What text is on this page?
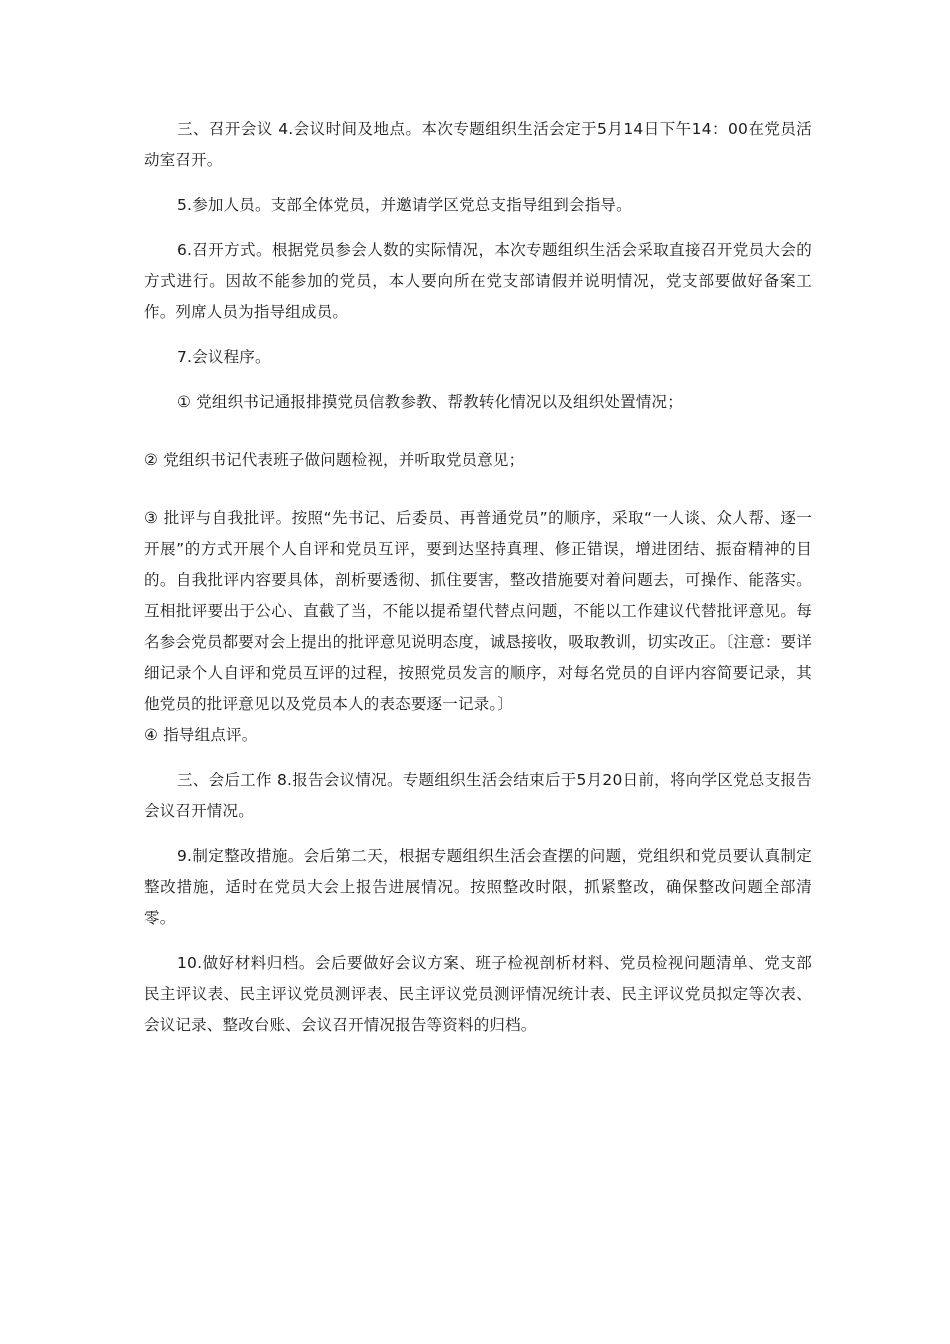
三、召开会议 4.会议时间及地点。本次专题组织生活会定于5月14日下午14：00在党员活动室召开。

5.参加人员。支部全体党员，并邀请学区党总支指导组到会指导。

6.召开方式。根据党员参会人数的实际情况，本次专题组织生活会采取直接召开党员大会的方式进行。因故不能参加的党员，本人要向所在党支部请假并说明情况，党支部要做好备案工作。列席人员为指导组成员。

7.会议程序。

① 党组织书记通报排摸党员信教参教、帮教转化情况以及组织处置情况；

② 党组织书记代表班子做问题检视，并听取党员意见；

③ 批评与自我批评。按照“先书记、后委员、再普通党员”的顺序，采取“一人谈、众人帮、逐一开展”的方式开展个人自评和党员互评，要到达坚持真理、修正错误，增进团结、振奋精神的目的。自我批评内容要具体，剖析要透彻、抓住要害，整改措施要对着问题去，可操作、能落实。互相批评要出于公心、直截了当，不能以提希望代替点问题，不能以工作建议代替批评意见。每名参会党员都要对会上提出的批评意见说明态度，诚恳接收，吸取教训，切实改正。〔注意：要详细记录个人自评和党员互评的过程，按照党员发言的顺序，对每名党员的自评内容简要记录，其他党员的批评意见以及党员本人的表态要逐一记录。〕

④ 指导组点评。

三、会后工作 8.报告会议情况。专题组织生活会结束后于5月20日前，将向学区党总支报告会议召开情况。

9.制定整改措施。会后第二天，根据专题组织生活会查摆的问题，党组织和党员要认真制定整改措施，适时在党员大会上报告进展情况。按照整改时限，抓紧整改，确保整改问题全部清零。

10.做好材料归档。会后要做好会议方案、班子检视剖析材料、党员检视问题清单、党支部民主评议表、民主评议党员测评表、民主评议党员测评情况统计表、民主评议党员拟定等次表、会议记录、整改台账、会议召开情况报告等资料的归档。
